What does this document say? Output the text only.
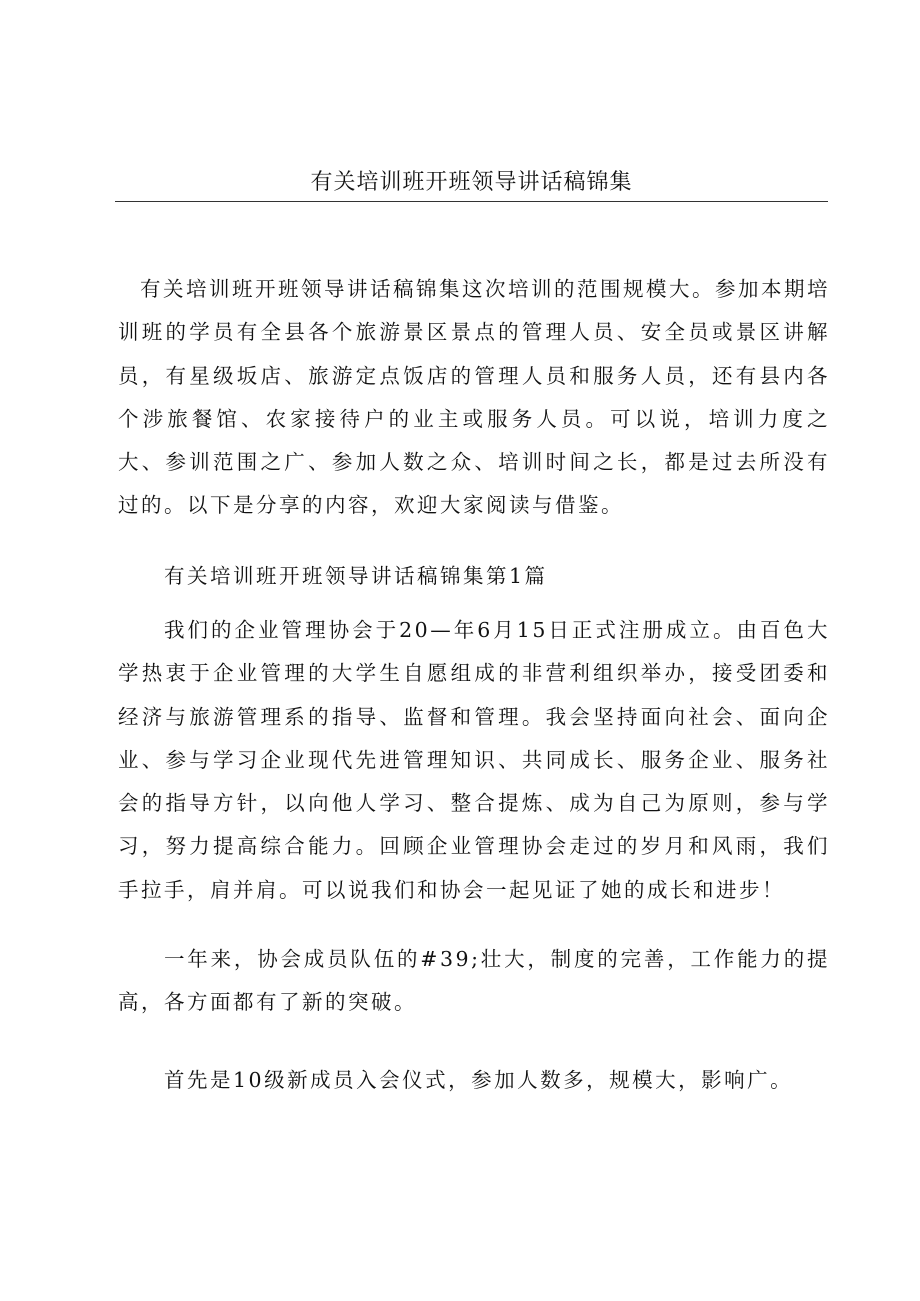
有关培训班开班领导讲话稿锦集

有关培训班开班领导讲话稿锦集这次培训的范围规模大。参加本期培训班的学员有全县各个旅游景区景点的管理人员、安全员或景区讲解员，有星级坂店、旅游定点饭店的管理人员和服务人员，还有县内各个涉旅餐馆、农家接待户的业主或服务人员。可以说，培训力度之大、参训范围之广、参加人数之众、培训时间之长，都是过去所没有过的。以下是分享的内容，欢迎大家阅读与借鉴。

有关培训班开班领导讲话稿锦集第1篇

我们的企业管理协会于20—年6月15日正式注册成立。由百色大学热衷于企业管理的大学生自愿组成的非营利组织举办，接受团委和经济与旅游管理系的指导、监督和管理。我会坚持面向社会、面向企业、参与学习企业现代先进管理知识、共同成长、服务企业、服务社会的指导方针，以向他人学习、整合提炼、成为自己为原则，参与学习，努力提高综合能力。回顾企业管理协会走过的岁月和风雨，我们手拉手，肩并肩。可以说我们和协会一起见证了她的成长和进步！

一年来，协会成员队伍的#39;壮大，制度的完善，工作能力的提高，各方面都有了新的突破。

首先是10级新成员入会仪式，参加人数多，规模大，影响广。
